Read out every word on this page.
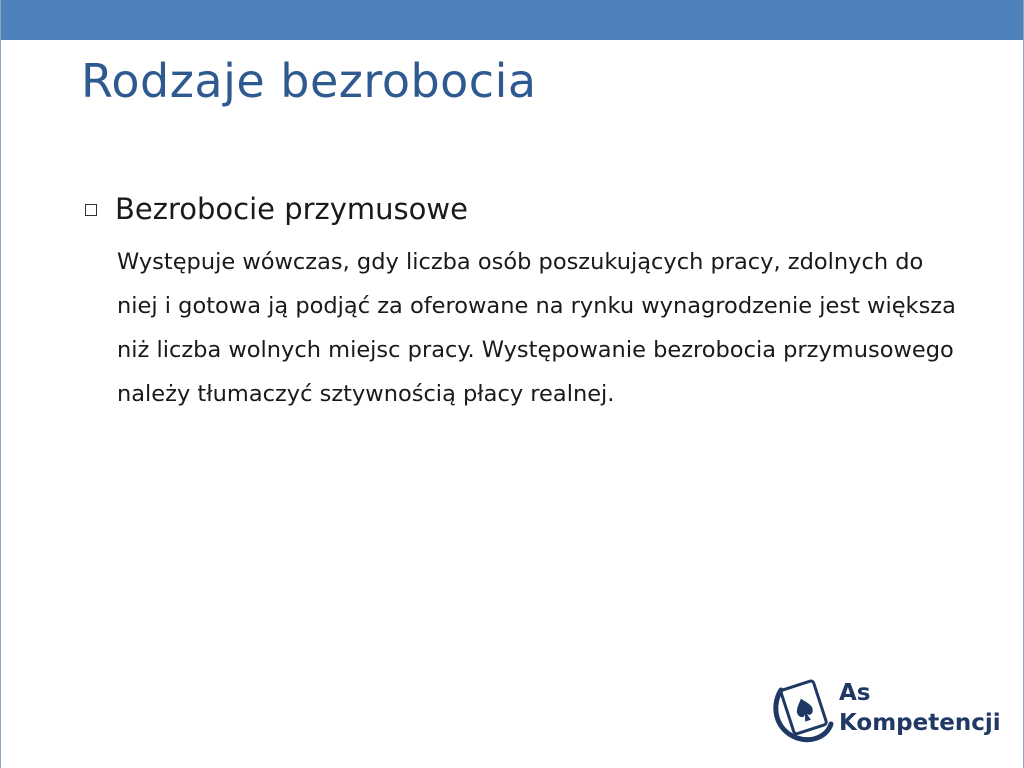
Rodzaje bezrobocia
Bezrobocie przymusowe

Występuje wówczas, gdy liczba osób poszukujących pracy, zdolnych do niej i gotowa ją podjąć za oferowane na rynku wynagrodzenie jest większa niż liczba wolnych miejsc pracy. Występowanie bezrobocia przymusowego należy tłumaczyć sztywnością płacy realnej.

As
Kompetencji
